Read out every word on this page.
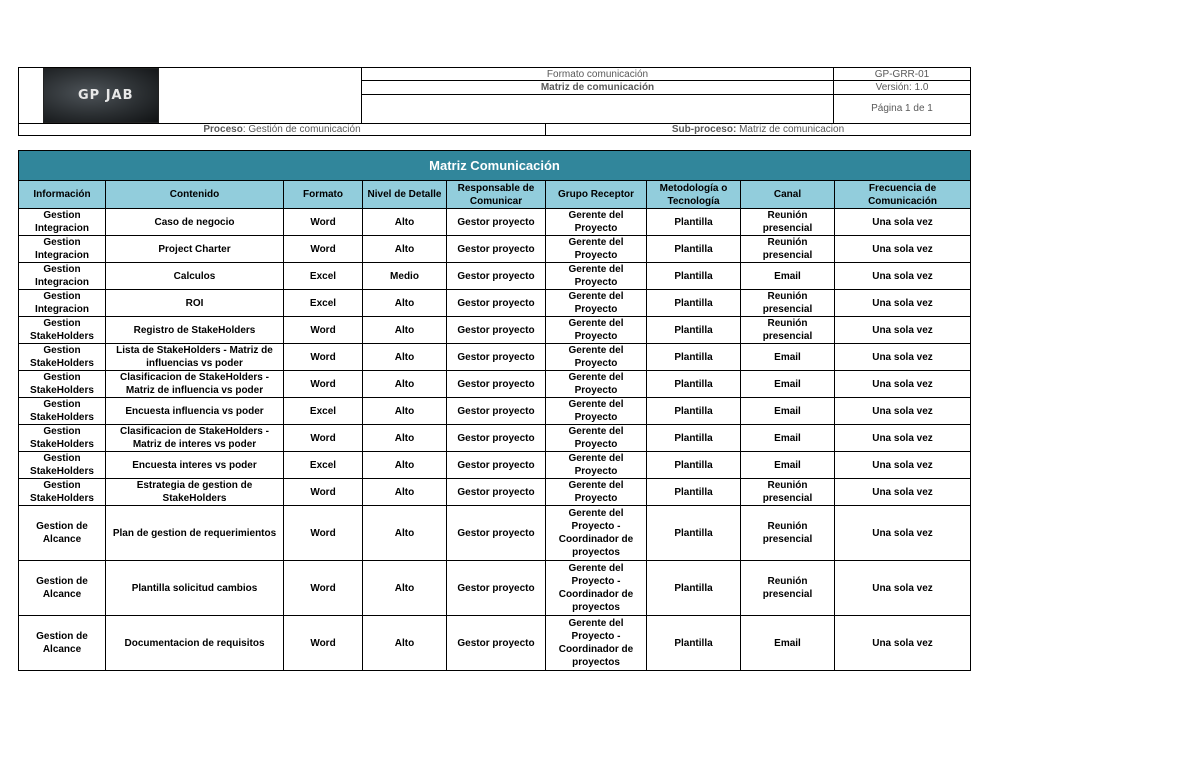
GP JAB	Formato comunicación		GP-GRR-01
	Matriz de comunicación		Versión: 1.0
			Página 1 de 1
Proceso: Gestión de comunicación		Sub-proceso: Matriz de comunicacion	
Matriz Comunicación								
Información	Contenido	Formato	Nivel de Detalle	Responsable de Comunicar	Grupo Receptor	Metodología o Tecnología	Canal	Frecuencia de Comunicación
Gestion Integracion	Caso de negocio	Word	Alto	Gestor proyecto	Gerente del Proyecto	Plantilla	Reunión presencial	Una sola vez
Gestion Integracion	Project Charter	Word	Alto	Gestor proyecto	Gerente del Proyecto	Plantilla	Reunión presencial	Una sola vez
Gestion Integracion	Calculos	Excel	Medio	Gestor proyecto	Gerente del Proyecto	Plantilla	Email	Una sola vez
Gestion Integracion	ROI	Excel	Alto	Gestor proyecto	Gerente del Proyecto	Plantilla	Reunión presencial	Una sola vez
Gestion StakeHolders	Registro de StakeHolders	Word	Alto	Gestor proyecto	Gerente del Proyecto	Plantilla	Reunión presencial	Una sola vez
Gestion StakeHolders	Lista de StakeHolders - Matriz de influencias vs poder	Word	Alto	Gestor proyecto	Gerente del Proyecto	Plantilla	Email	Una sola vez
Gestion StakeHolders	Clasificacion de StakeHolders - Matriz de influencia vs poder	Word	Alto	Gestor proyecto	Gerente del Proyecto	Plantilla	Email	Una sola vez
Gestion StakeHolders	Encuesta influencia vs poder	Excel	Alto	Gestor proyecto	Gerente del Proyecto	Plantilla	Email	Una sola vez
Gestion StakeHolders	Clasificacion de StakeHolders - Matriz de interes vs poder	Word	Alto	Gestor proyecto	Gerente del Proyecto	Plantilla	Email	Una sola vez
Gestion StakeHolders	Encuesta interes vs poder	Excel	Alto	Gestor proyecto	Gerente del Proyecto	Plantilla	Email	Una sola vez
Gestion StakeHolders	Estrategia de gestion de StakeHolders	Word	Alto	Gestor proyecto	Gerente del Proyecto	Plantilla	Reunión presencial	Una sola vez
Gestion de Alcance	Plan de gestion de requerimientos	Word	Alto	Gestor proyecto	Gerente del Proyecto - Coordinador de proyectos	Plantilla	Reunión presencial	Una sola vez
Gestion de Alcance	Plantilla solicitud cambios	Word	Alto	Gestor proyecto	Gerente del Proyecto - Coordinador de proyectos	Plantilla	Reunión presencial	Una sola vez
Gestion de Alcance	Documentacion de requisitos	Word	Alto	Gestor proyecto	Gerente del Proyecto - Coordinador de proyectos	Plantilla	Email	Una sola vez
